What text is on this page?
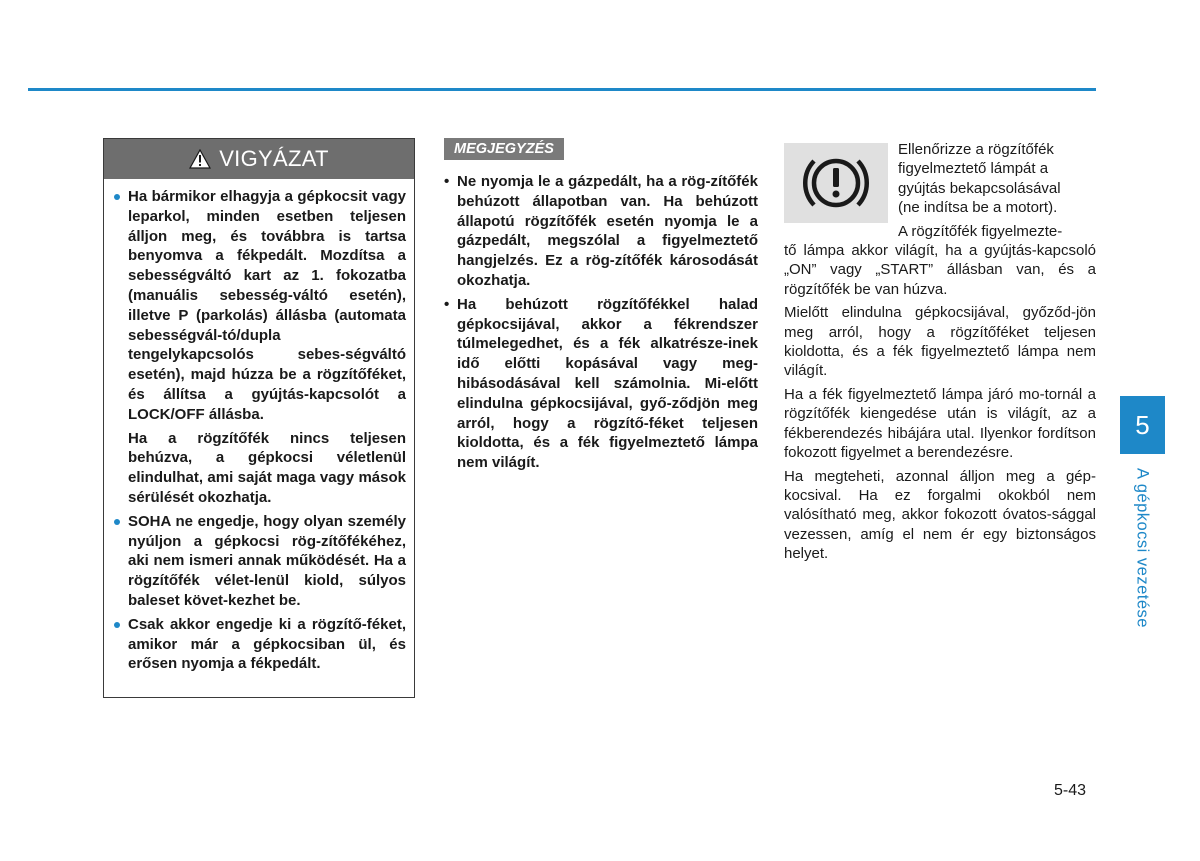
VIGYÁZAT
Ha bármikor elhagyja a gépkocsit vagy leparkol, minden esetben teljesen álljon meg, és továbbra is tartsa benyomva a fékpedált. Mozdítsa a sebességváltó kart az 1. fokozatba (manuális sebesség-váltó esetén), illetve P (parkolás) állásba (automata sebességvál-tó/dupla tengelykapcsolós sebes-ségváltó esetén), majd húzza be a rögzítőféket, és állítsa a gyújtás-kapcsolót a LOCK/OFF állásba.
Ha a rögzítőfék nincs teljesen behúzva, a gépkocsi véletlenül elindulhat, ami saját maga vagy mások sérülését okozhatja.
SOHA ne engedje, hogy olyan személy nyúljon a gépkocsi rög-zítőfékéhez, aki nem ismeri annak működését. Ha a rögzítőfék vélet-lenül kiold, súlyos baleset követ-kezhet be.
Csak akkor engedje ki a rögzítő-féket, amikor már a gépkocsiban ül, és erősen nyomja a fékpedált.
MEGJEGYZÉS
• Ne nyomja le a gázpedált, ha a rög-zítőfék behúzott állapotban van. Ha behúzott állapotú rögzítőfék esetén nyomja le a gázpedált, megszólal a figyelmeztető hangjelzés. Ez a rög-zítőfék károsodását okozhatja.
• Ha behúzott rögzítőfékkel halad gépkocsijával, akkor a fékrendszer túlmelegedhet, és a fék alkatrésze-inek idő előtti kopásával vagy meg-hibásodásával kell számolnia. Mi-előtt elindulna gépkocsijával, győ-ződjön meg arról, hogy a rögzítő-féket teljesen kioldotta, és a fék figyelmeztető lámpa nem világít.

Ellenőrizze a rögzítőfék

figyelmeztető lámpát a

gyújtás bekapcsolásával

(ne indítsa be a motort).

A rögzítőfék figyelmezte-

tő lámpa akkor világít, ha a gyújtás-kapcsoló „ON” vagy „START” állásban van, és a rögzítőfék be van húzva.

Mielőtt elindulna gépkocsijával, győződ-jön meg arról, hogy a rögzítőféket teljesen kioldotta, és a fék figyelmeztető lámpa nem világít.

Ha a fék figyelmeztető lámpa járó mo-tornál a rögzítőfék kiengedése után is világít, az a fékberendezés hibájára utal. Ilyenkor fordítson fokozott figyelmet a berendezésre.

Ha megteheti, azonnal álljon meg a gép-kocsival. Ha ez forgalmi okokból nem valósítható meg, akkor fokozott óvatos-sággal vezessen, amíg el nem ér egy biztonságos helyet.

5
A gépkocsi vezetése
5-43
